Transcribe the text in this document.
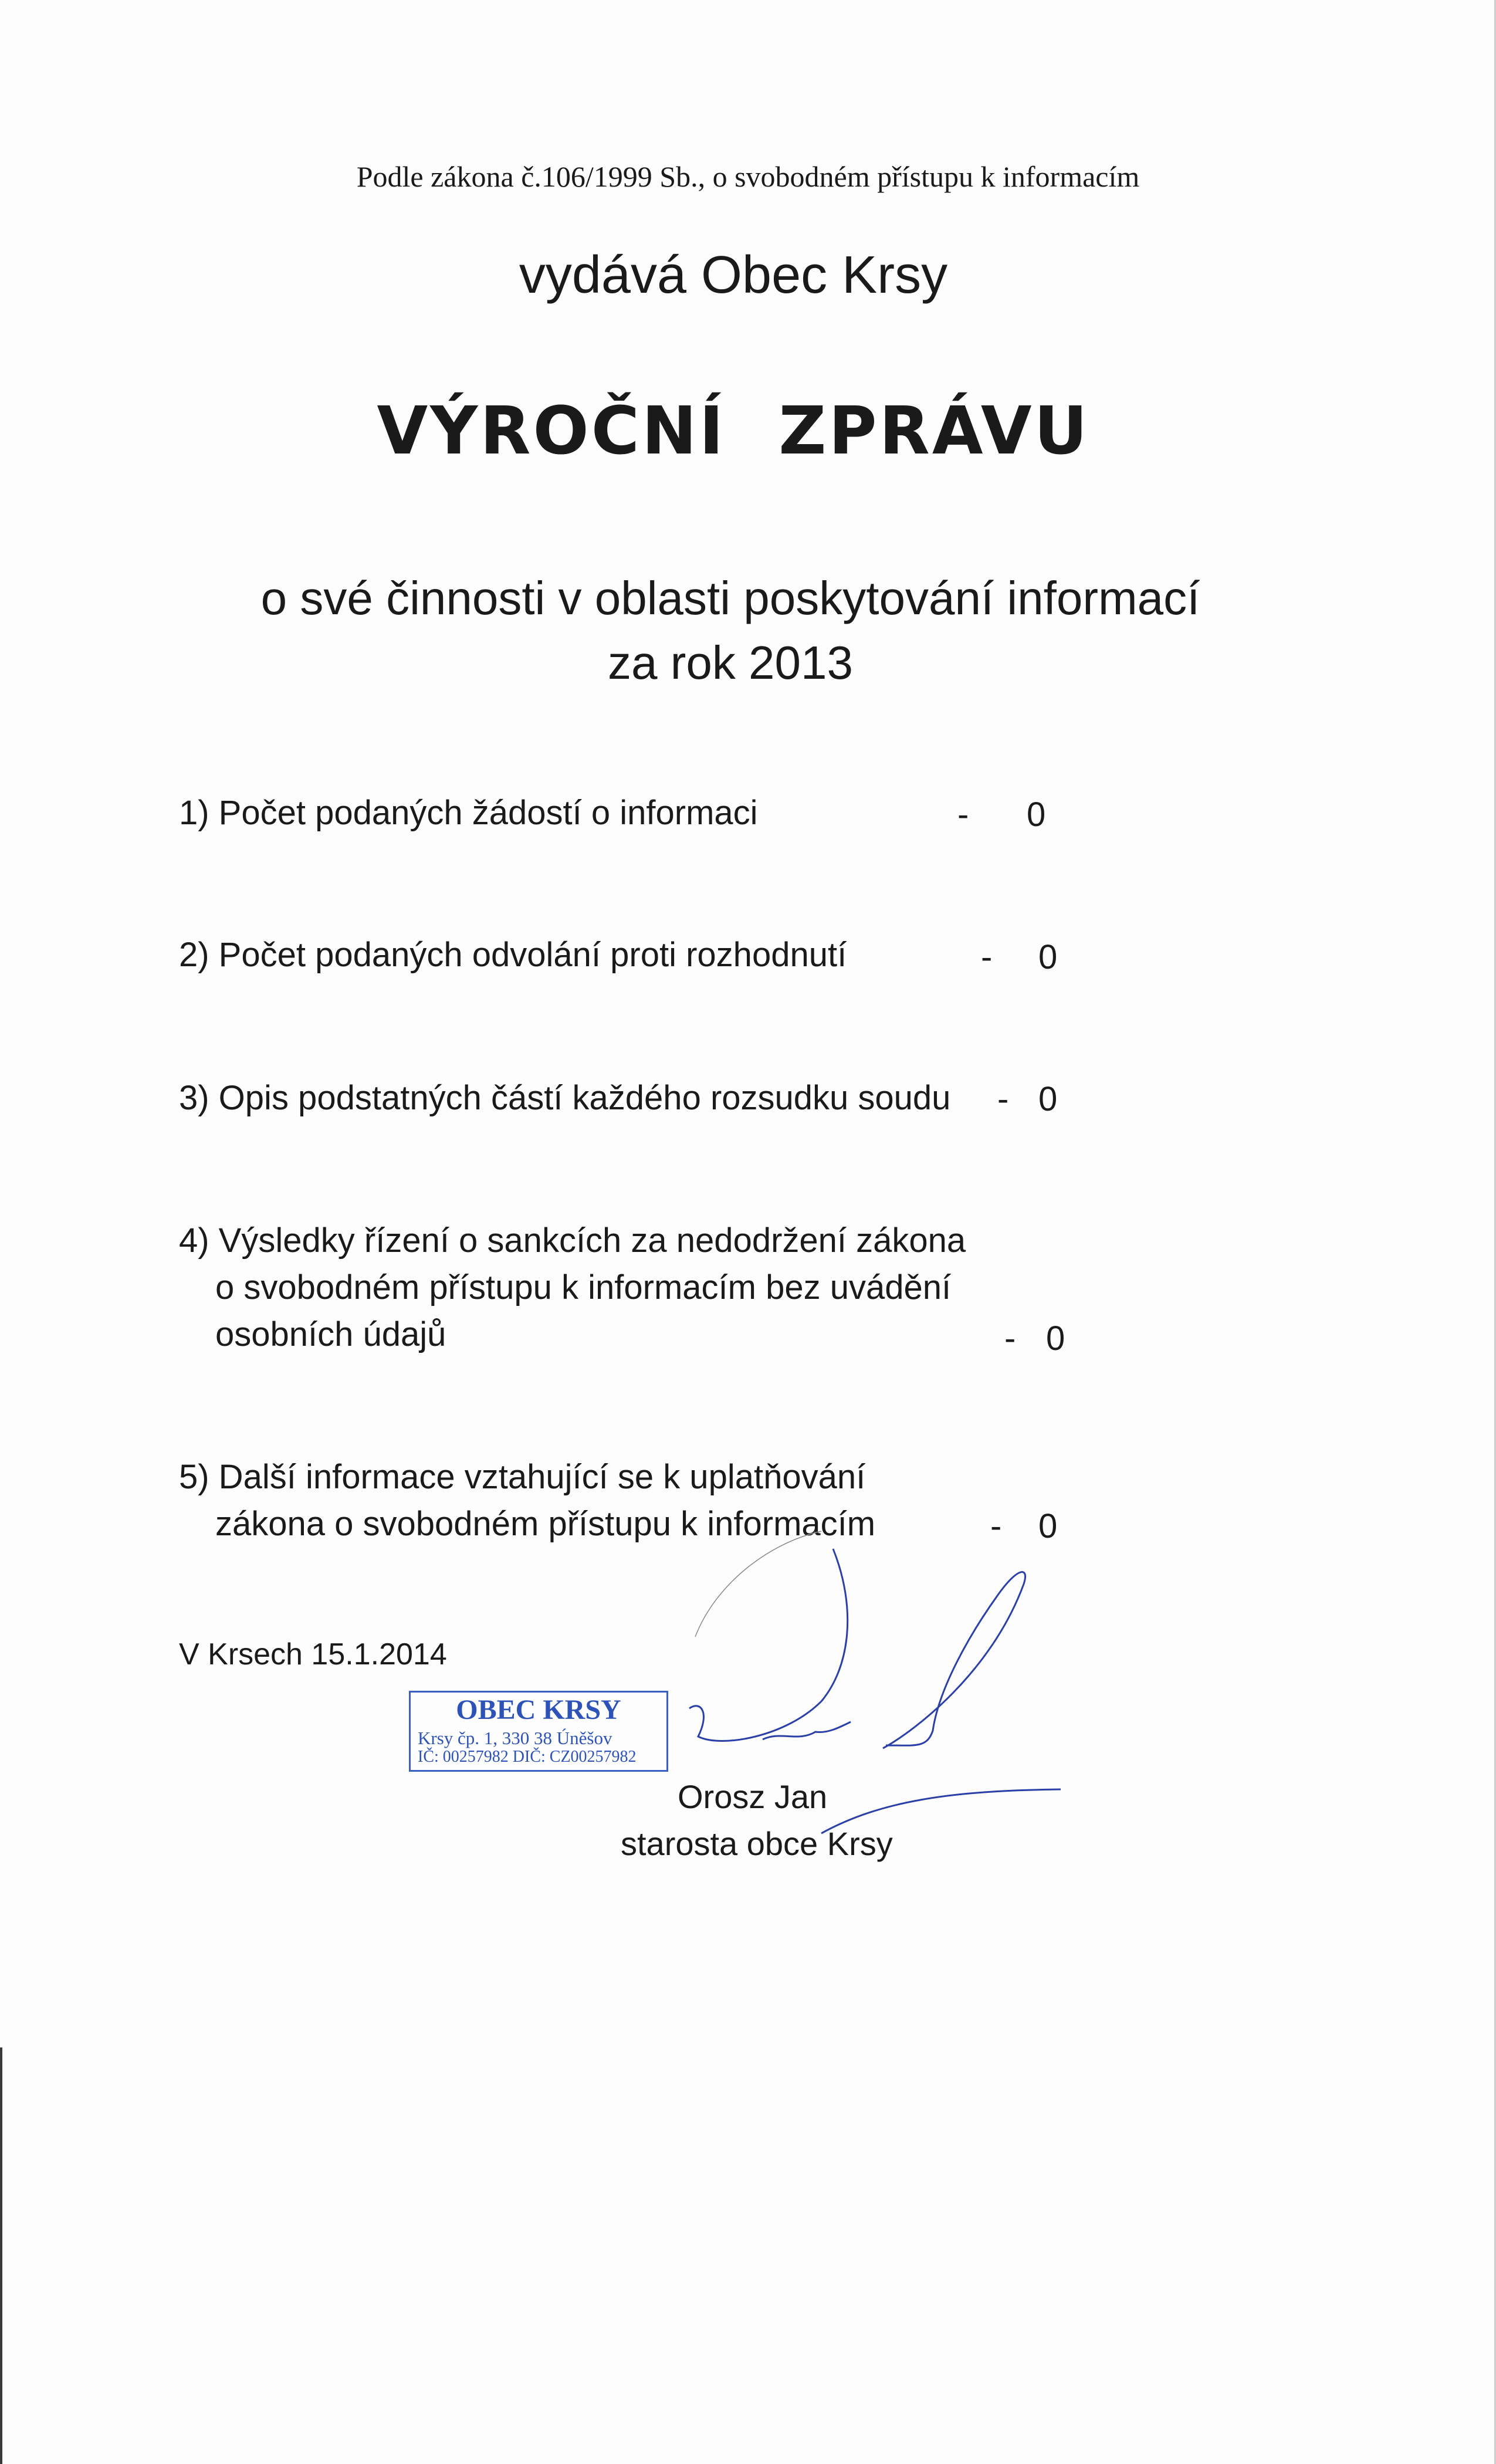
Podle zákona č.106/1999 Sb., o svobodném přístupu k informacím
vydává Obec Krsy
VÝROČNÍ ZPRÁVU
o své činnosti v oblasti poskytování informací
za rok 2013
1) Počet podaných žádostí o informaci	- 0
2) Počet podaných odvolání proti rozhodnutí	- 0
3) Opis podstatných částí každého rozsudku soudu - 0
4) Výsledky řízení o sankcích za nedodržení zákona
o svobodném přístupu k informacím bez uvádění
osobních údajů	- 0
5) Další informace vztahující se k uplatňování
zákona o svobodném přístupu k informacím	- 0
V Krsech 15.1.2014
OBEC KRSY
Krsy čp. 1, 330 38 Úněšov
IČ: 00257982 DIČ: CZ00257982
Orosz Jan
starosta obce Krsy
